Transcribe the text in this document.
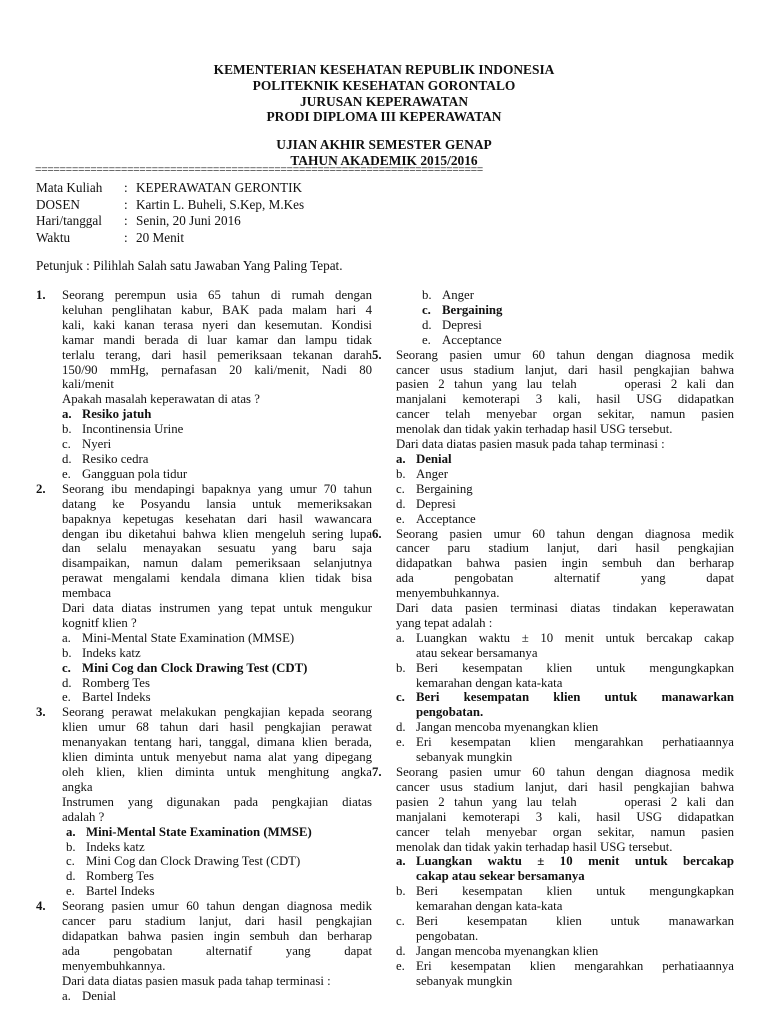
KEMENTERIAN KESEHATAN REPUBLIK INDONESIA
POLITEKNIK KESEHATAN GORONTALO
JURUSAN KEPERAWATAN
PRODI DIPLOMA III KEPERAWATAN
UJIAN AKHIR SEMESTER GENAP
TAHUN AKADEMIK 2015/2016
=========================================================================
Mata Kuliah	: KEPERAWATAN GERONTIK
DOSEN	: Kartin L. Buheli, S.Kep, M.Kes
Hari/tanggal	: Senin, 20 Juni 2016
Waktu	: 20 Menit
Petunjuk : Pilihlah Salah satu Jawaban Yang Paling Tepat.
1. Seorang perempun usia 65 tahun di rumah dengan
keluhan penglihatan kabur, BAK pada malam hari 4
kali, kaki kanan terasa nyeri dan kesemutan. Kondisi
kamar mandi berada di luar kamar dan lampu tidak
terlalu terang, dari hasil pemeriksaan tekanan darah
150/90 mmHg, pernafasan 20 kali/menit, Nadi 80
kali/menit
Apakah masalah keperawatan di atas ?
a. Resiko jatuh
b. Incontinensia Urine
c. Nyeri
d. Resiko cedra
e. Gangguan pola tidur
2. Seorang ibu mendapingi bapaknya yang umur 70 tahun
datang ke Posyandu lansia untuk memeriksakan
bapaknya kepetugas kesehatan dari hasil wawancara
dengan ibu diketahui bahwa klien mengeluh sering lupa
dan selalu menayakan sesuatu yang baru saja
disampaikan, namun dalam pemeriksaan selanjutnya
perawat mengalami kendala dimana klien tidak bisa
membaca
Dari data diatas instrumen yang tepat untuk mengukur
kognitf klien ?
a. Mini-Mental State Examination (MMSE)
b. Indeks katz
c. Mini Cog dan Clock Drawing Test (CDT)
d. Romberg Tes
e. Bartel Indeks
3. Seorang perawat melakukan pengkajian kepada seorang
klien umur 68 tahun dari hasil pengkajian perawat
menanyakan tentang hari, tanggal, dimana klien berada,
klien diminta untuk menyebut nama alat yang dipegang
oleh klien, klien diminta untuk menghitung angka
angka
Instrumen yang digunakan pada pengkajian diatas
adalah ?
a. Mini-Mental State Examination (MMSE)
b. Indeks katz
c. Mini Cog dan Clock Drawing Test (CDT)
d. Romberg Tes
e. Bartel Indeks
4. Seorang pasien umur 60 tahun dengan diagnosa medik
cancer paru stadium lanjut, dari hasil pengkajian
didapatkan bahwa pasien ingin sembuh dan berharap
ada pengobatan alternatif yang dapat
menyembuhkannya.
Dari data diatas pasien masuk pada tahap terminasi :
a. Denial
b. Anger
c. Bergaining
d. Depresi
e. Acceptance
5. Seorang pasien umur 60 tahun dengan diagnosa medik
cancer usus stadium lanjut, dari hasil pengkajian bahwa
pasien 2 tahun yang lau telah     operasi 2 kali dan
manjalani kemoterapi 3 kali, hasil USG didapatkan
cancer telah menyebar organ sekitar, namun pasien
menolak dan tidak yakin terhadap hasil USG tersebut.
Dari data diatas pasien masuk pada tahap terminasi :
a. Denial
b. Anger
c. Bergaining
d. Depresi
e. Acceptance
6. Seorang pasien umur 60 tahun dengan diagnosa medik
cancer paru stadium lanjut, dari hasil pengkajian
didapatkan bahwa pasien ingin sembuh dan berharap
ada pengobatan alternatif yang dapat
menyembuhkannya.
Dari data pasien terminasi diatas tindakan keperawatan
yang tepat adalah :
a. Luangkan waktu ± 10 menit untuk bercakap cakap
atau sekear bersamanya
b. Beri kesempatan klien untuk mengungkapkan
kemarahan dengan kata-kata
c. Beri kesempatan klien untuk manawarkan
pengobatan.
d. Jangan mencoba myenangkan klien
e. Eri kesempatan klien mengarahkan perhatiaannya
sebanyak mungkin
7. Seorang pasien umur 60 tahun dengan diagnosa medik
cancer usus stadium lanjut, dari hasil pengkajian bahwa
pasien 2 tahun yang lau telah     operasi 2 kali dan
manjalani kemoterapi 3 kali, hasil USG didapatkan
cancer telah menyebar organ sekitar, namun pasien
menolak dan tidak yakin terhadap hasil USG tersebut.
a. Luangkan waktu ± 10 menit untuk bercakap
cakap atau sekear bersamanya
b. Beri kesempatan klien untuk mengungkapkan
kemarahan dengan kata-kata
c. Beri kesempatan klien untuk manawarkan
pengobatan.
d. Jangan mencoba myenangkan klien
e. Eri kesempatan klien mengarahkan perhatiaannya
sebanyak mungkin
